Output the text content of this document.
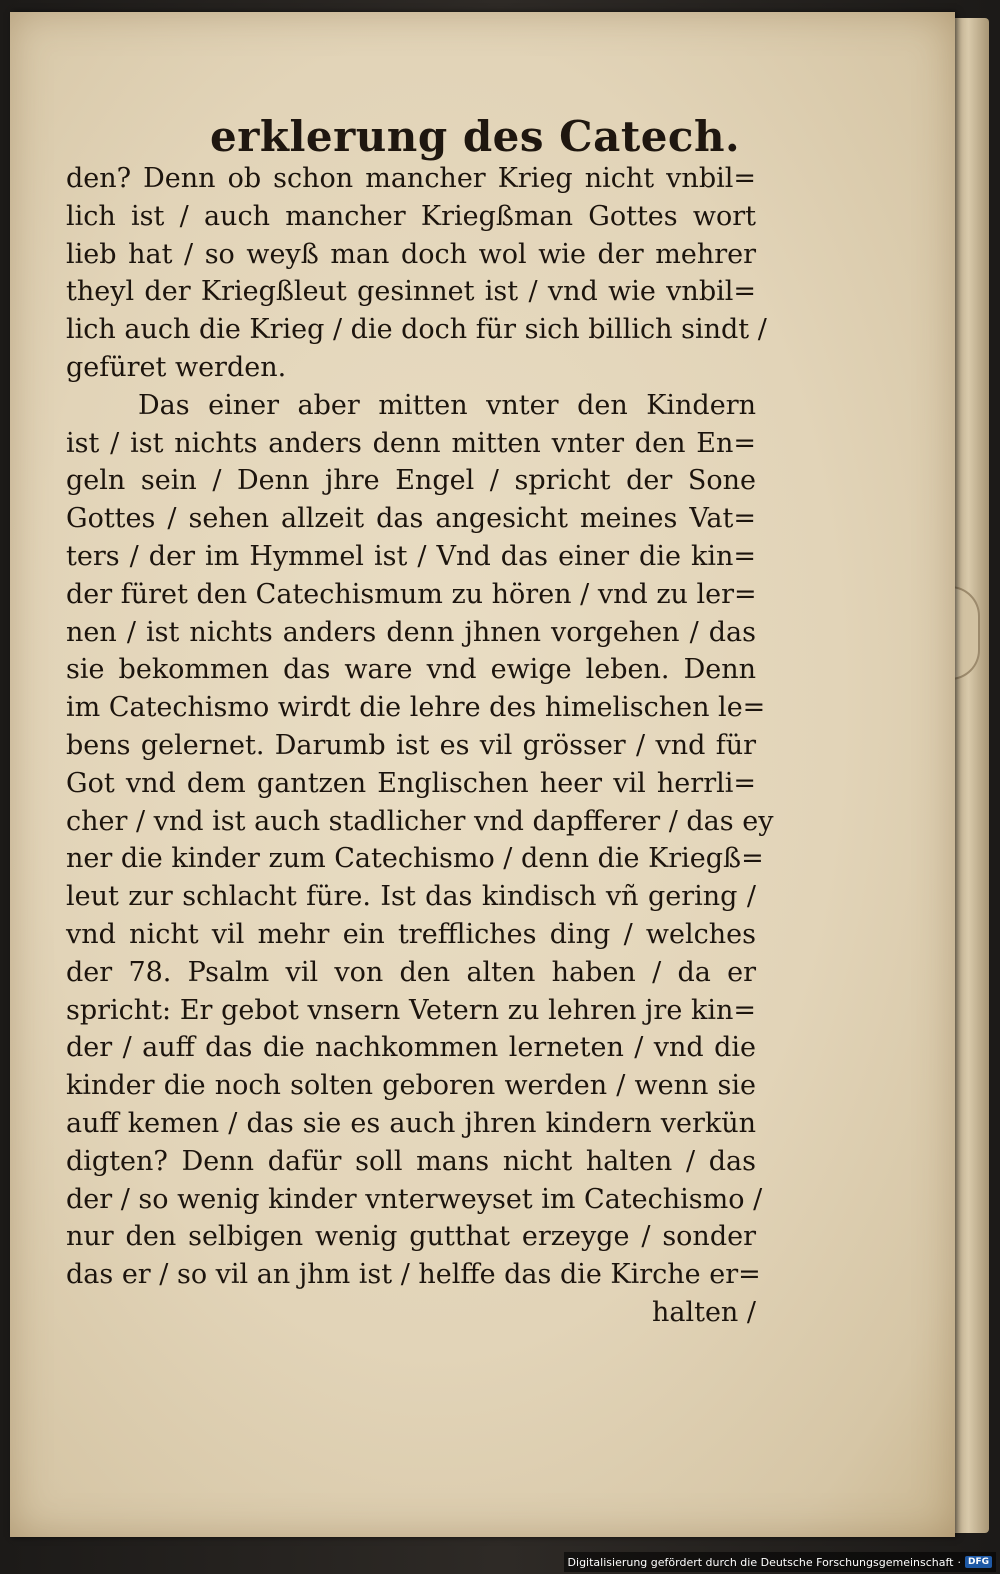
erklerung des Catech.
den? Denn ob schon mancher Krieg nicht vnbil=
lich ist / auch mancher Kriegßman Gottes wort
lieb hat / so weyß man doch wol wie der mehrer
theyl der Kriegßleut gesinnet ist / vnd wie vnbil=
lich auch die Krieg / die doch für sich billich sindt /
gefüret werden.
Das einer aber mitten vnter den Kindern
ist / ist nichts anders denn mitten vnter den En=
geln sein / Denn jhre Engel / spricht der Sone
Gottes / sehen allzeit das angesicht meines Vat=
ters / der im Hymmel ist / Vnd das einer die kin=
der füret den Catechismum zu hören / vnd zu ler=
nen / ist nichts anders denn jhnen vorgehen / das
sie bekommen das ware vnd ewige leben. Denn
im Catechismo wirdt die lehre des himelischen le=
bens gelernet. Darumb ist es vil grösser / vnd für
Got vnd dem gantzen Englischen heer vil herrli=
cher / vnd ist auch stadlicher vnd dapfferer / das ey
ner die kinder zum Catechismo / denn die Kriegß=
leut zur schlacht füre. Ist das kindisch vñ gering /
vnd nicht vil mehr ein treffliches ding / welches
der 78. Psalm vil von den alten haben / da er
spricht: Er gebot vnsern Vetern zu lehren jre kin=
der / auff das die nachkommen lerneten / vnd die
kinder die noch solten geboren werden / wenn sie
auff kemen / das sie es auch jhren kindern verkün
digten? Denn dafür soll mans nicht halten / das
der / so wenig kinder vnterweyset im Catechismo /
nur den selbigen wenig gutthat erzeyge / sonder
das er / so vil an jhm ist / helffe das die Kirche er=
halten /
Digitalisierung gefördert durch die Deutsche Forschungsgemeinschaft · DFG
